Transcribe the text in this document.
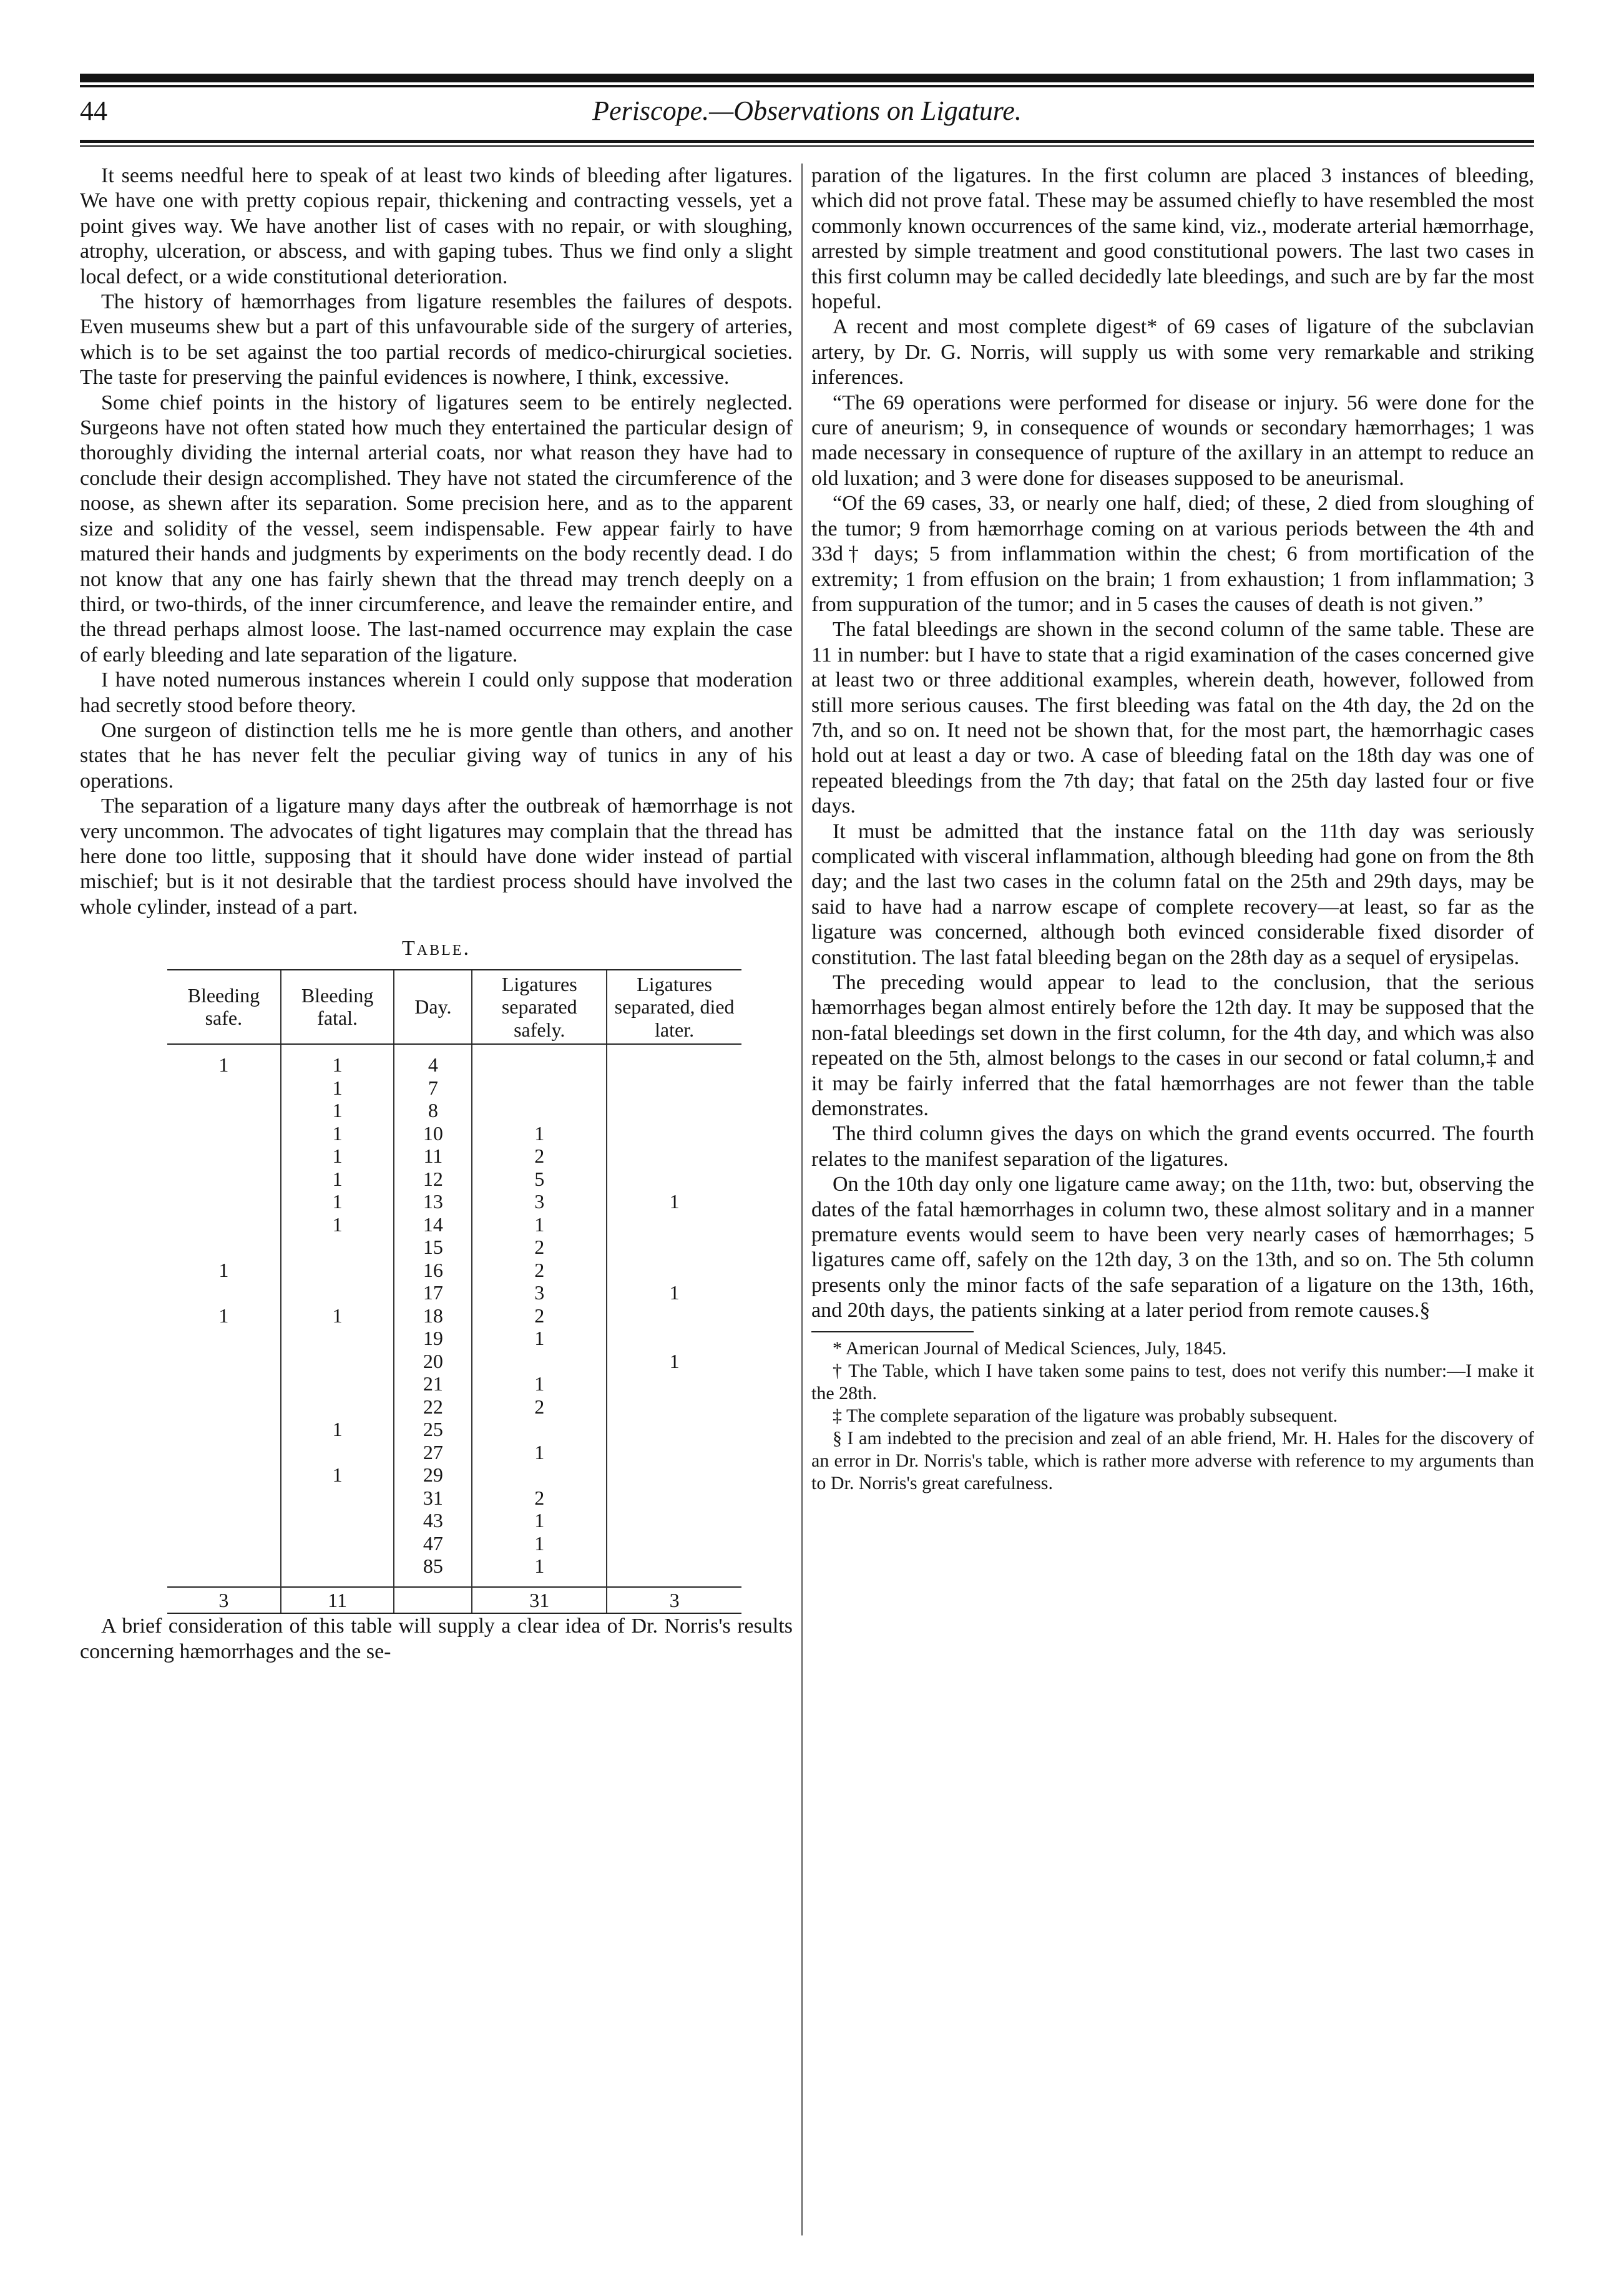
44	Periscope.—Observations on Ligature.

It seems needful here to speak of at least two kinds of bleeding after ligatures. We have one with pretty copious repair, thickening and contracting vessels, yet a point gives way. We have another list of cases with no repair, or with sloughing, atrophy, ulceration, or abscess, and with gaping tubes. Thus we find only a slight local defect, or a wide constitutional deterioration.

The history of hæmorrhages from ligature resembles the failures of despots. Even museums shew but a part of this unfavourable side of the surgery of arteries, which is to be set against the too partial records of medico-chirurgical societies. The taste for preserving the painful evidences is nowhere, I think, excessive.

Some chief points in the history of ligatures seem to be entirely neglected. Surgeons have not often stated how much they entertained the particular design of thoroughly dividing the internal arterial coats, nor what reason they have had to conclude their design accomplished. They have not stated the circumference of the noose, as shewn after its separation. Some precision here, and as to the apparent size and solidity of the vessel, seem indispensable. Few appear fairly to have matured their hands and judgments by experiments on the body recently dead. I do not know that any one has fairly shewn that the thread may trench deeply on a third, or two-thirds, of the inner circumference, and leave the remainder entire, and the thread perhaps almost loose. The last-named occurrence may explain the case of early bleeding and late separation of the ligature.

I have noted numerous instances wherein I could only suppose that moderation had secretly stood before theory.

One surgeon of distinction tells me he is more gentle than others, and another states that he has never felt the peculiar giving way of tunics in any of his operations.

The separation of a ligature many days after the outbreak of hæmorrhage is not very uncommon. The advocates of tight ligatures may complain that the thread has here done too little, supposing that it should have done wider instead of partial mischief; but is it not desirable that the tardiest process should have involved the whole cylinder, instead of a part.

Table.
Bleeding safe.	Bleeding fatal.	Day.	Ligatures separated safely.	Ligatures separated, died later.

1	1	4		
	1	7		
	1	8		
	1	10	1	
	1	11	2	
	1	12	5	
	1	13	3	1
	1	14	1	
		15	2	
1		16	2	
		17	3	1
1	1	18	2	
		19	1	
		20		1
		21	1	
		22	2	
	1	25		
		27	1	
	1	29		
		31	2	
		43	1	
		47	1	
		85	1	

3	11		31	3

A brief consideration of this table will supply a clear idea of Dr. Norris's results concerning hæmorrhages and the se-

paration of the ligatures. In the first column are placed 3 instances of bleeding, which did not prove fatal. These may be assumed chiefly to have resembled the most commonly known occurrences of the same kind, viz., moderate arterial hæmorrhage, arrested by simple treatment and good constitutional powers. The last two cases in this first column may be called decidedly late bleedings, and such are by far the most hopeful.

A recent and most complete digest* of 69 cases of ligature of the subclavian artery, by Dr. G. Norris, will supply us with some very remarkable and striking inferences.

“The 69 operations were performed for disease or injury. 56 were done for the cure of aneurism; 9, in consequence of wounds or secondary hæmorrhages; 1 was made necessary in consequence of rupture of the axillary in an attempt to reduce an old luxation; and 3 were done for diseases supposed to be aneurismal.

“Of the 69 cases, 33, or nearly one half, died; of these, 2 died from sloughing of the tumor; 9 from hæmorrhage coming on at various periods between the 4th and 33d† days; 5 from inflammation within the chest; 6 from mortification of the extremity; 1 from effusion on the brain; 1 from exhaustion; 1 from inflammation; 3 from suppuration of the tumor; and in 5 cases the causes of death is not given.”

The fatal bleedings are shown in the second column of the same table. These are 11 in number: but I have to state that a rigid examination of the cases concerned give at least two or three additional examples, wherein death, however, followed from still more serious causes. The first bleeding was fatal on the 4th day, the 2d on the 7th, and so on. It need not be shown that, for the most part, the hæmorrhagic cases hold out at least a day or two. A case of bleeding fatal on the 18th day was one of repeated bleedings from the 7th day; that fatal on the 25th day lasted four or five days.

It must be admitted that the instance fatal on the 11th day was seriously complicated with visceral inflammation, although bleeding had gone on from the 8th day; and the last two cases in the column fatal on the 25th and 29th days, may be said to have had a narrow escape of complete recovery—at least, so far as the ligature was concerned, although both evinced considerable fixed disorder of constitution. The last fatal bleeding began on the 28th day as a sequel of erysipelas.

The preceding would appear to lead to the conclusion, that the serious hæmorrhages began almost entirely before the 12th day. It may be supposed that the non-fatal bleedings set down in the first column, for the 4th day, and which was also repeated on the 5th, almost belongs to the cases in our second or fatal column,‡ and it may be fairly inferred that the fatal hæmorrhages are not fewer than the table demonstrates.

The third column gives the days on which the grand events occurred. The fourth relates to the manifest separation of the ligatures.

On the 10th day only one ligature came away; on the 11th, two: but, observing the dates of the fatal hæmorrhages in column two, these almost solitary and in a manner premature events would seem to have been very nearly cases of hæmorrhages; 5 ligatures came off, safely on the 12th day, 3 on the 13th, and so on. The 5th column presents only the minor facts of the safe separation of a ligature on the 13th, 16th, and 20th days, the patients sinking at a later period from remote causes.§

* American Journal of Medical Sciences, July, 1845.

† The Table, which I have taken some pains to test, does not verify this number:—I make it the 28th.

‡ The complete separation of the ligature was probably subsequent.

§ I am indebted to the precision and zeal of an able friend, Mr. H. Hales for the discovery of an error in Dr. Norris's table, which is rather more adverse with reference to my arguments than to Dr. Norris's great carefulness.
